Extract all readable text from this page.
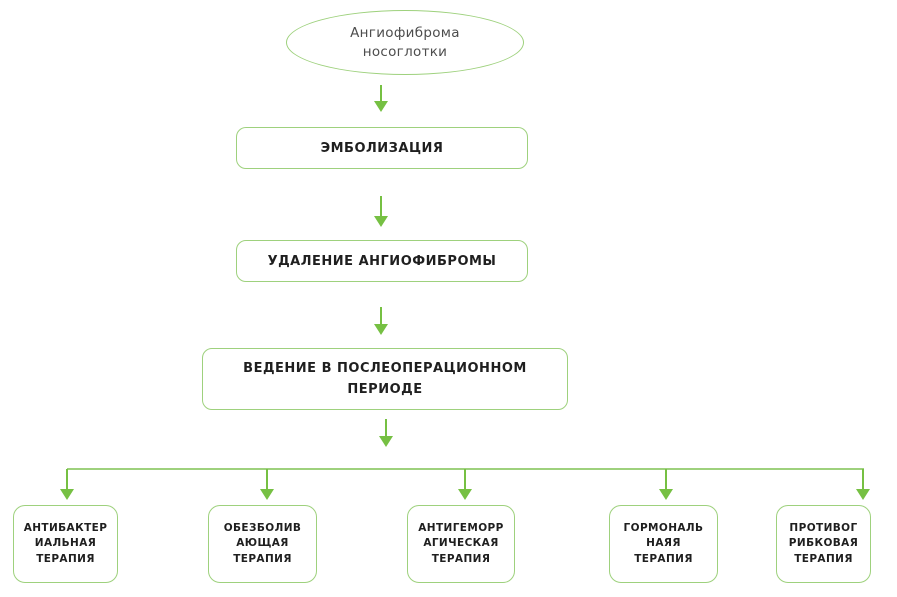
Ангиофиброма
носоглотки
ЭМБОЛИЗАЦИЯ
УДАЛЕНИЕ АНГИОФИБРОМЫ
ВЕДЕНИЕ В ПОСЛЕОПЕРАЦИОННОМ
ПЕРИОДЕ
АНТИБАКТЕР
ИАЛЬНАЯ
ТЕРАПИЯ
ОБЕЗБОЛИВ
АЮЩАЯ
ТЕРАПИЯ
АНТИГЕМОРР
АГИЧЕСКАЯ
ТЕРАПИЯ
ГОРМОНАЛЬ
НАЯЯ
ТЕРАПИЯ
ПРОТИВОГ
РИБКОВАЯ
ТЕРАПИЯ
